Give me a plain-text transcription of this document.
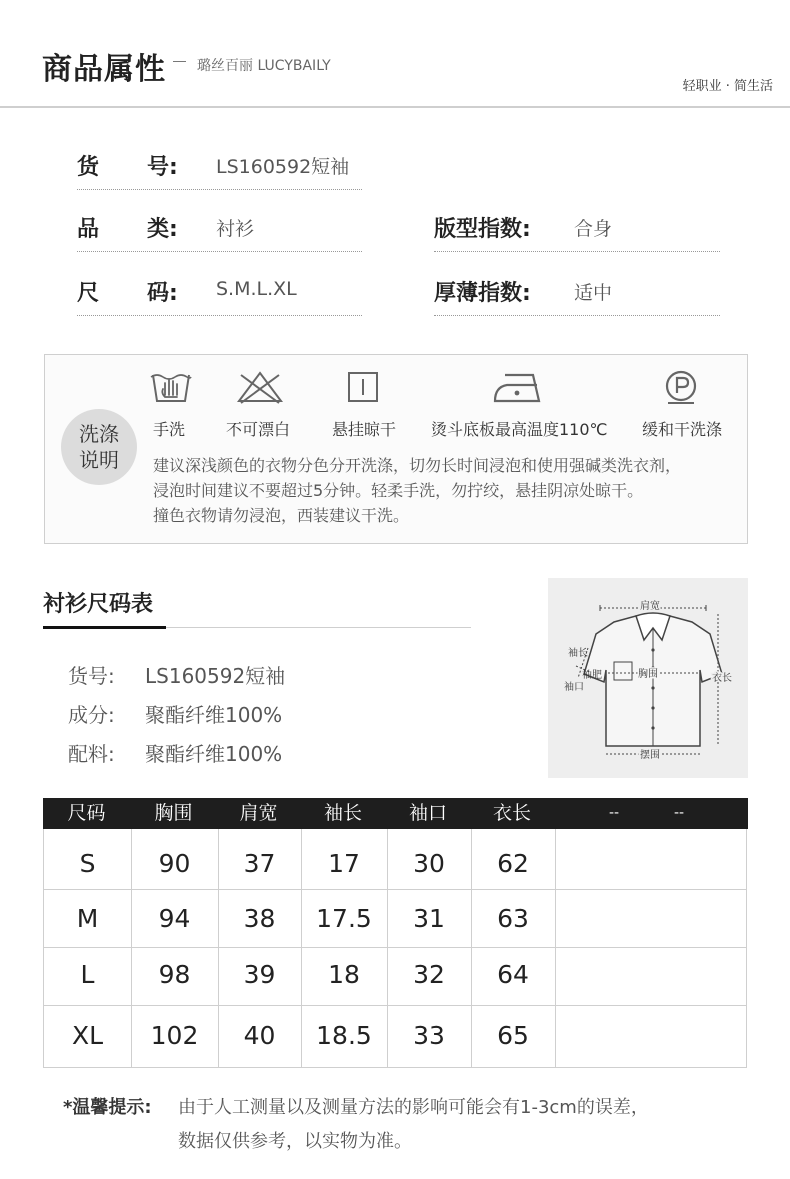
商品属性 璐丝百丽 LUCYBAILY
轻职业 · 简生活
货 号: LS160592短袖
品 类: 衬衫
尺 码: S.M.L.XL
版型指数: 合身
厚薄指数: 适中
洗涤
说明
手洗	不可漂白	悬挂晾干 烫斗底板最高温度110℃ 缓和干洗涤
建议深浅颜色的衣物分色分开洗涤，切勿长时间浸泡和使用强碱类洗衣剂，
浸泡时间建议不要超过5分钟。轻柔手洗，勿拧绞，悬挂阴凉处晾干。
撞色衣物请勿浸泡，西装建议干洗。
衬衫尺码表
货号: LS160592短袖
成分: 聚酯纤维100%
配料: 聚酯纤维100%
肩宽
袖长
袖肥	胸围
袖口
衣长
摆围
尺码	胸围	肩宽	袖长	袖口	衣长	--	--
S	90	37	17	30	62
M	94	38	17.5	31	63
L	98	39	18	32	64
XL	102	40	18.5	33	65
*温馨提示: 由于人工测量以及测量方法的影响可能会有1-3cm的误差，
数据仅供参考，以实物为准。
